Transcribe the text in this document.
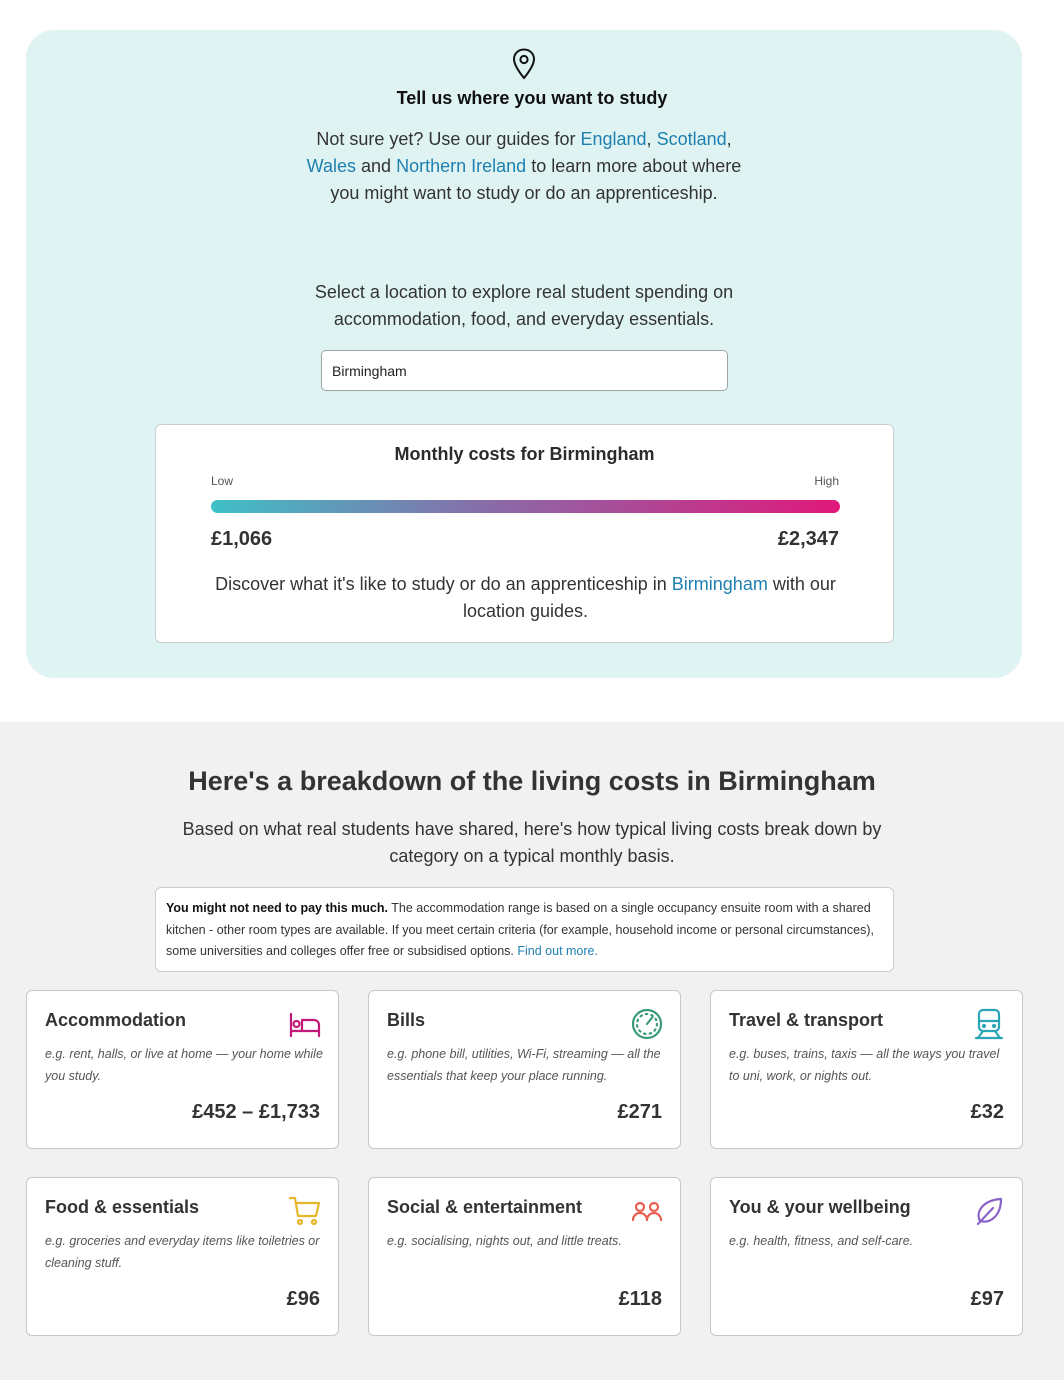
Tell us where you want to study
Not sure yet? Use our guides for England, Scotland, Wales and Northern Ireland to learn more about where you might want to study or do an apprenticeship.
Select a location to explore real student spending on accommodation, food, and everyday essentials.
Birmingham
Monthly costs for Birmingham
Low	High
£1,066	£2,347
Discover what it's like to study or do an apprenticeship in Birmingham with our location guides.
Here's a breakdown of the living costs in Birmingham
Based on what real students have shared, here's how typical living costs break down by category on a typical monthly basis.
You might not need to pay this much. The accommodation range is based on a single occupancy ensuite room with a shared kitchen - other room types are available. If you meet certain criteria (for example, household income or personal circumstances), some universities and colleges offer free or subsidised options. Find out more.
Accommodation
e.g. rent, halls, or live at home — your home while you study.
£452 – £1,733
Bills
e.g. phone bill, utilities, Wi-Fi, streaming — all the essentials that keep your place running.
£271
Travel & transport
e.g. buses, trains, taxis — all the ways you travel to uni, work, or nights out.
£32
Food & essentials
e.g. groceries and everyday items like toiletries or cleaning stuff.
£96
Social & entertainment
e.g. socialising, nights out, and little treats.
£118
You & your wellbeing
e.g. health, fitness, and self-care.
£97
